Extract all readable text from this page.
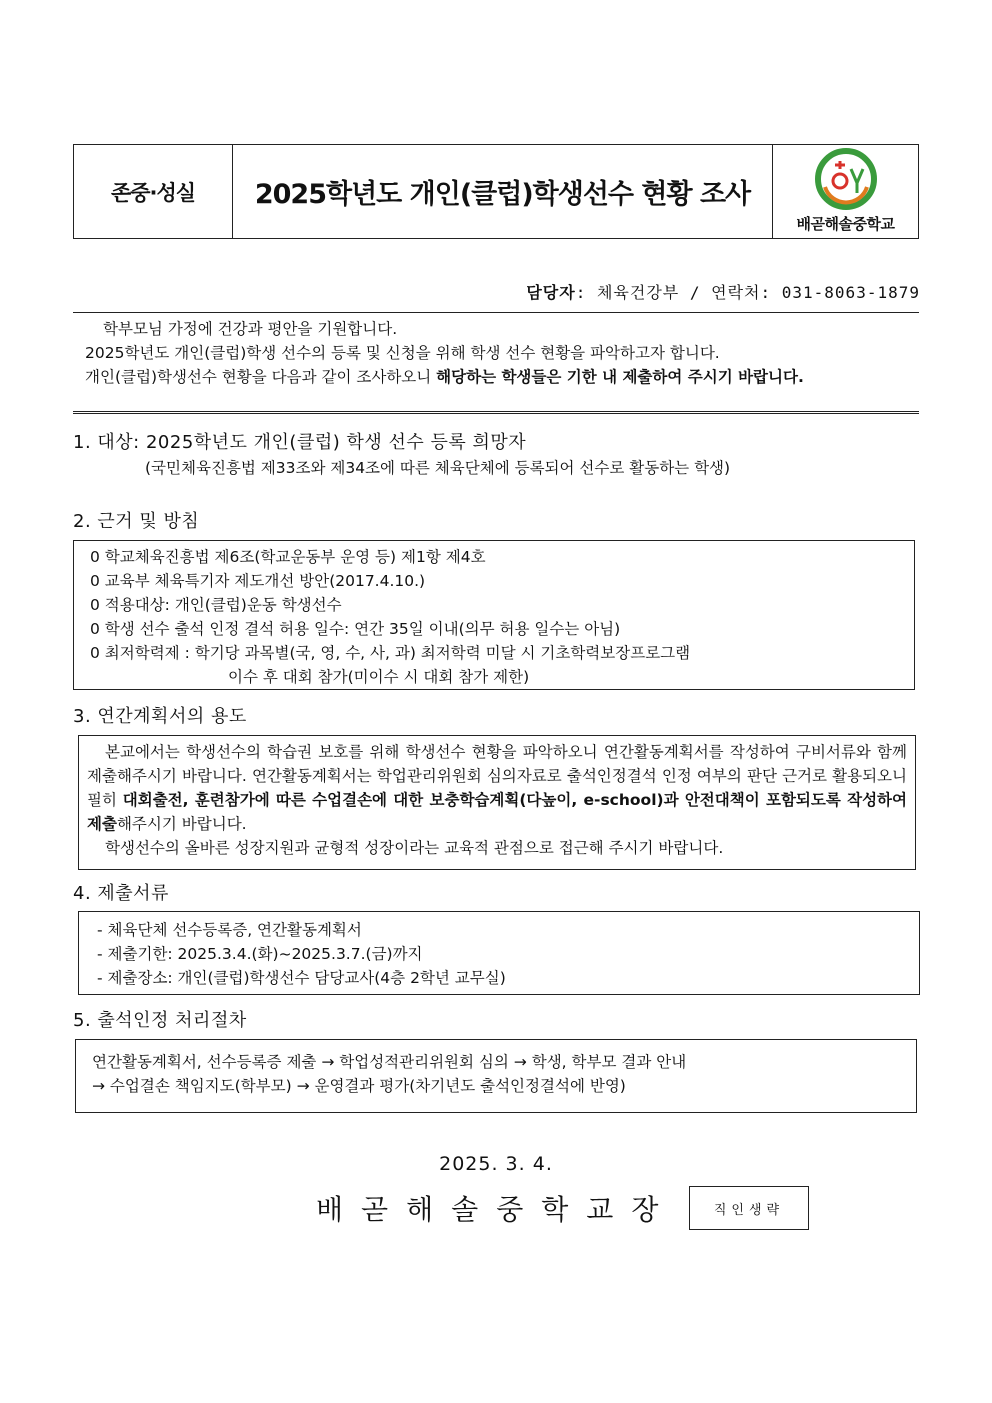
존중·성실	2025학년도 개인(클럽)학생선수 현황 조사
배곧해솔중학교
담당자: 체육건강부 / 연락처: 031-8063-1879

학부모님 가정에 건강과 평안을 기원합니다.

2025학년도 개인(클럽)학생 선수의 등록 및 신청을 위해 학생 선수 현황을 파악하고자 합니다.

개인(클럽)학생선수 현황을 다음과 같이 조사하오니 해당하는 학생들은 기한 내 제출하여 주시기 바랍니다.

1. 대상: 2025학년도 개인(클럽) 학생 선수 등록 희망자
(국민체육진흥법 제33조와 제34조에 따른 체육단체에 등록되어 선수로 활동하는 학생)
2. 근거 및 방침

0 학교체육진흥법 제6조(학교운동부 운영 등) 제1항 제4호

0 교육부 체육특기자 제도개선 방안(2017.4.10.)

0 적용대상: 개인(클럽)운동 학생선수

0 학생 선수 출석 인정 결석 허용 일수: 연간 35일 이내(의무 허용 일수는 아님)

0 최저학력제 : 학기당 과목별(국, 영, 수, 사, 과) 최저학력 미달 시 기초학력보장프로그램

이수 후 대회 참가(미이수 시 대회 참가 제한)

3. 연간계획서의 용도

본교에서는 학생선수의 학습권 보호를 위해 학생선수 현황을 파악하오니 연간활동계획서를 작성하여 구비서류와 함께 제출해주시기 바랍니다. 연간활동계획서는 학업관리위원회 심의자료로 출석인정결석 인정 여부의 판단 근거로 활용되오니 필히 대회출전, 훈련참가에 따른 수업결손에 대한 보충학습계획(다높이, e-school)과 안전대책이 포함되도록 작성하여 제출해주시기 바랍니다.

학생선수의 올바른 성장지원과 균형적 성장이라는 교육적 관점으로 접근해 주시기 바랍니다.

4. 제출서류

- 체육단체 선수등록증, 연간활동계획서

- 제출기한: 2025.3.4.(화)~2025.3.7.(금)까지

- 제출장소: 개인(클럽)학생선수 담당교사(4층 2학년 교무실)

5. 출석인정 처리절차

연간활동계획서, 선수등록증 제출 → 학업성적관리위원회 심의 → 학생, 학부모 결과 안내

→ 수업결손 책임지도(학부모) → 운영결과 평가(차기년도 출석인정결석에 반영)

2025. 3. 4.
배곧해솔중학교장	직인생략
